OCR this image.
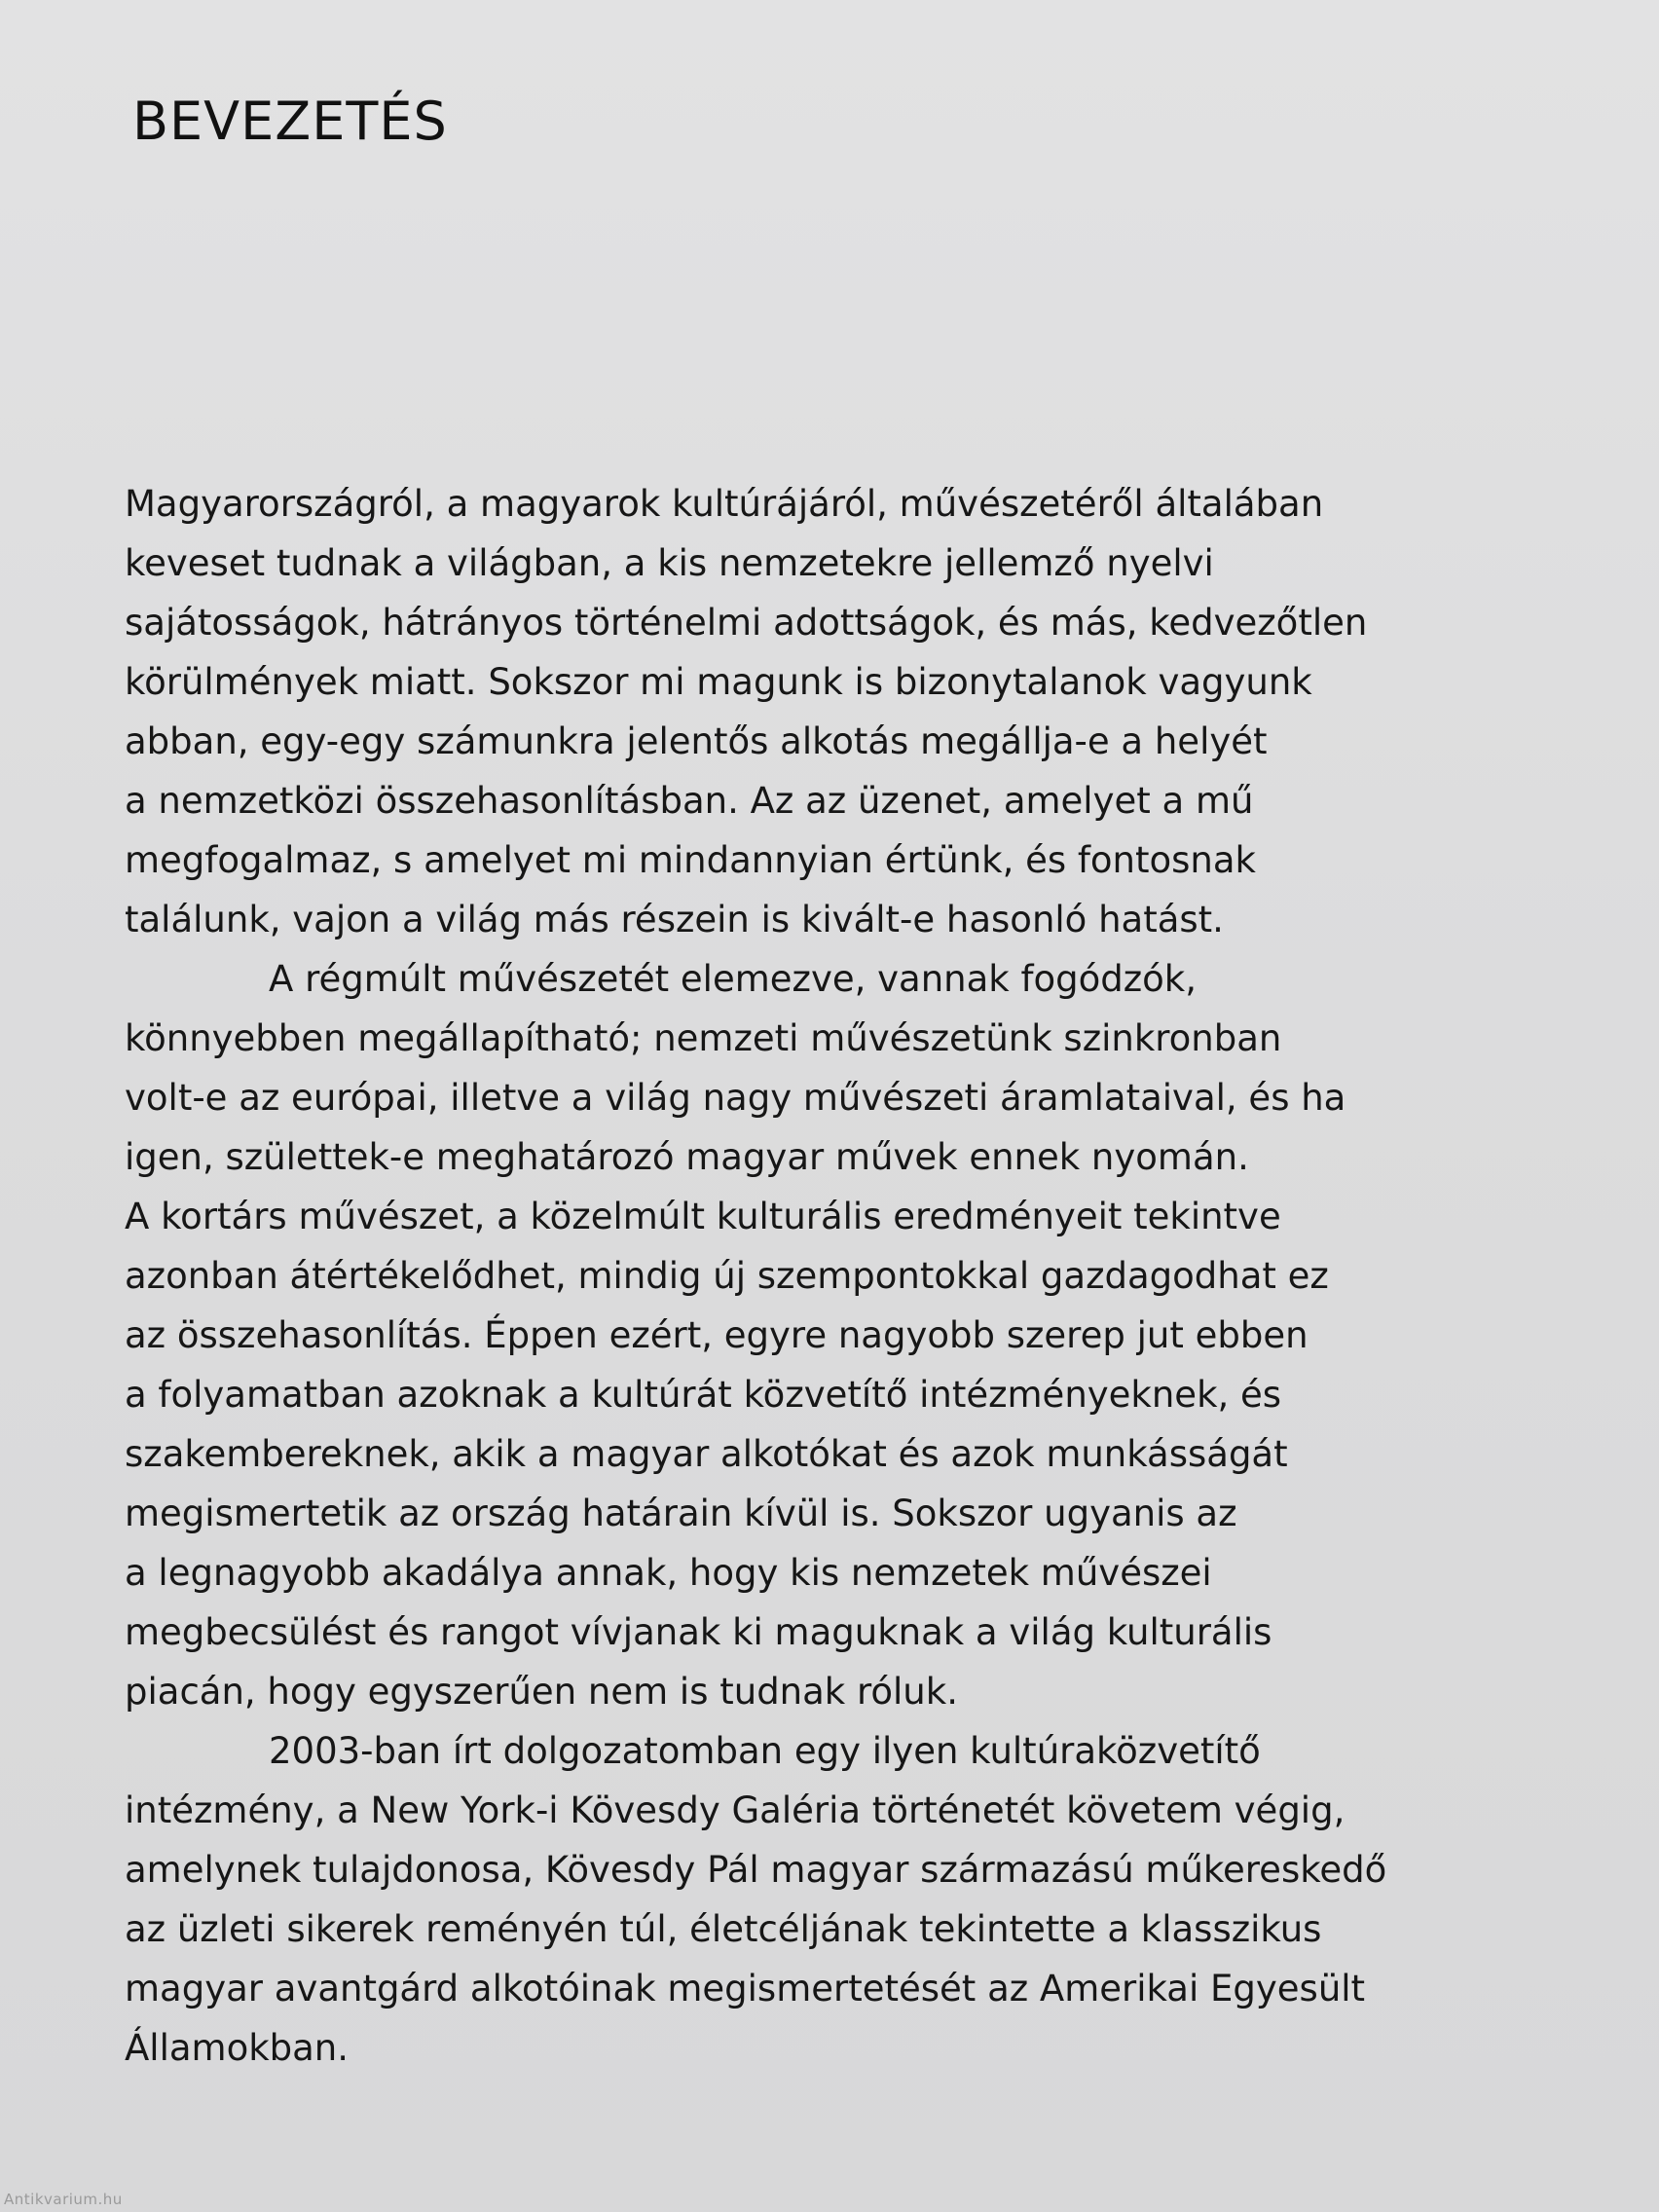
BEVEZETÉS
Magyarországról, a magyarok kultúrájáról, művészetéről általában
keveset tudnak a világban, a kis nemzetekre jellemző nyelvi
sajátosságok, hátrányos történelmi adottságok, és más, kedvezőtlen
körülmények miatt. Sokszor mi magunk is bizonytalanok vagyunk
abban, egy-egy számunkra jelentős alkotás megállja-e a helyét
a nemzetközi összehasonlításban. Az az üzenet, amelyet a mű
megfogalmaz, s amelyet mi mindannyian értünk, és fontosnak
találunk, vajon a világ más részein is kivált-e hasonló hatást.
A régmúlt művészetét elemezve, vannak fogódzók,
könnyebben megállapítható; nemzeti művészetünk szinkronban
volt-e az európai, illetve a világ nagy művészeti áramlataival, és ha
igen, születtek-e meghatározó magyar művek ennek nyomán.
A kortárs művészet, a közelmúlt kulturális eredményeit tekintve
azonban átértékelődhet, mindig új szempontokkal gazdagodhat ez
az összehasonlítás. Éppen ezért, egyre nagyobb szerep jut ebben
a folyamatban azoknak a kultúrát közvetítő intézményeknek, és
szakembereknek, akik a magyar alkotókat és azok munkásságát
megismertetik az ország határain kívül is. Sokszor ugyanis az
a legnagyobb akadálya annak, hogy kis nemzetek művészei
megbecsülést és rangot vívjanak ki maguknak a világ kulturális
piacán, hogy egyszerűen nem is tudnak róluk.
2003-ban írt dolgozatomban egy ilyen kultúraközvetítő
intézmény, a New York-i Kövesdy Galéria történetét követem végig,
amelynek tulajdonosa, Kövesdy Pál magyar származású műkereskedő
az üzleti sikerek reményén túl, életcéljának tekintette a klasszikus
magyar avantgárd alkotóinak megismertetését az Amerikai Egyesült
Államokban.
Antikvarium.hu
